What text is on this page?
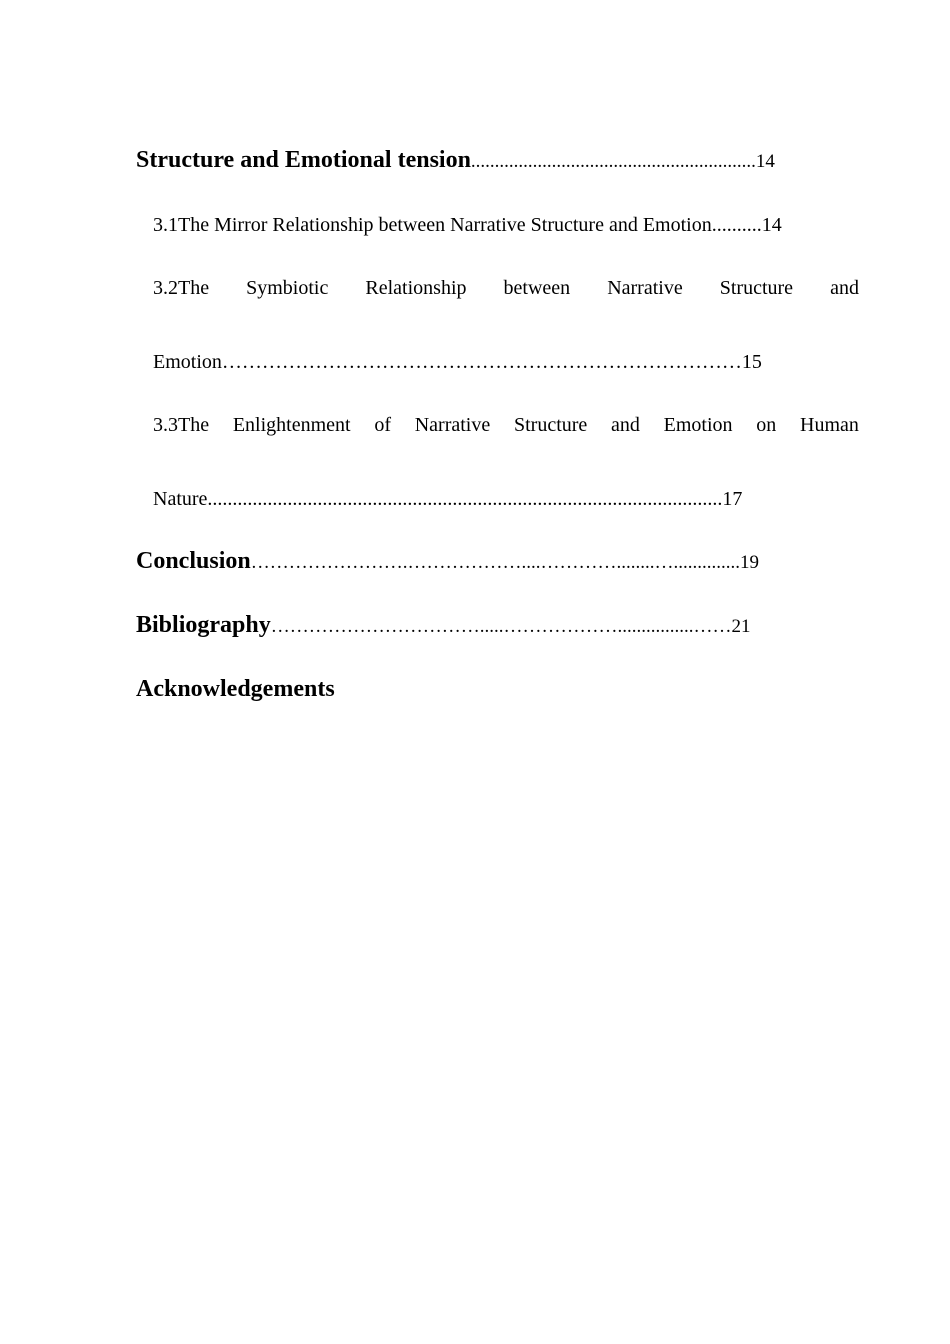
Structure and Emotional tension............................................................14
3.1The Mirror Relationship between Narrative Structure and Emotion..........14
3.2The Symbiotic Relationship between Narrative Structure and
Emotion……………………………………………………………………15
3.3The Enlightenment of Narrative Structure and Emotion on Human
Nature.......................................................................................................17
Conclusion…………………….………………....…………........…..............19
Bibliography…………………………….....………………................……21
Acknowledgements
